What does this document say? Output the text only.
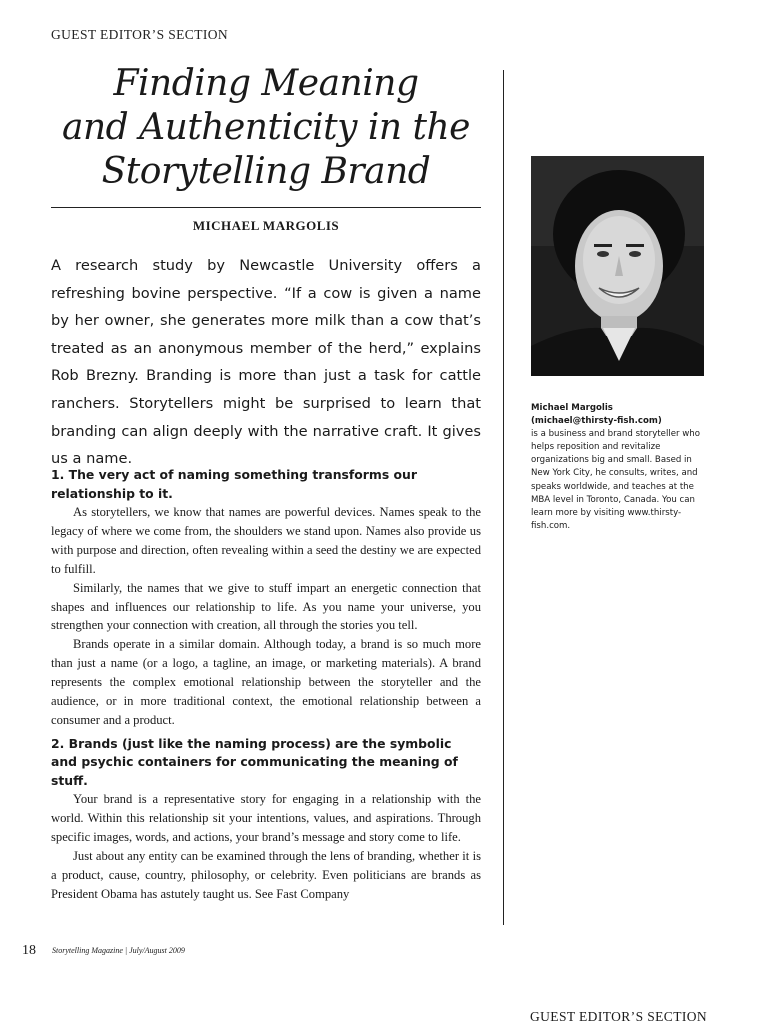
GUEST EDITOR’S SECTION
Finding Meaning
and Authenticity in the
Storytelling Brand
MICHAEL MARGOLIS
A research study by Newcastle University offers a refreshing bovine perspective. “If a cow is given a name by her owner, she generates more milk than a cow that’s treated as an anonymous member of the herd,” explains Rob Brezny. Branding is more than just a task for cattle ranchers. Storytellers might be surprised to learn that branding can align deeply with the narrative craft. It gives us a name.
Michael Margolis
(michael@thirsty-fish.com)
is a business and brand storyteller who helps reposition and revitalize organizations big and small. Based in New York City, he consults, writes, and speaks worldwide, and teaches at the MBA level in Toronto, Canada. You can learn more by visiting www.thirsty-fish.com.

1. The very act of naming something transforms our relationship to it.

As storytellers, we know that names are powerful devices. Names speak to the legacy of where we come from, the shoulders we stand upon. Names also provide us with purpose and direction, often revealing within a seed the destiny we are expected to fulfill.

Similarly, the names that we give to stuff impart an energetic connection that shapes and influences our relationship to life. As you name your universe, you strengthen your connection with creation, all through the stories you tell.

Brands operate in a similar domain. Although today, a brand is so much more than just a name (or a logo, a tagline, an image, or marketing materials). A brand represents the complex emotional relationship between the storyteller and the audience, or in more traditional context, the emotional relationship between a consumer and a product.

2. Brands (just like the naming process) are the symbolic and psychic containers for communicating the meaning of stuff.

Your brand is a representative story for engaging in a relationship with the world. Within this relationship sit your intentions, values, and aspirations. Through specific images, words, and actions, your brand’s message and story come to life.

Just about any entity can be examined through the lens of branding, whether it is a product, cause, country, philosophy, or celebrity. Even politicians are brands as President Obama has astutely taught us. See Fast Company

18 Storytelling Magazine | July/August 2009
GUEST EDITOR’S SECTION
